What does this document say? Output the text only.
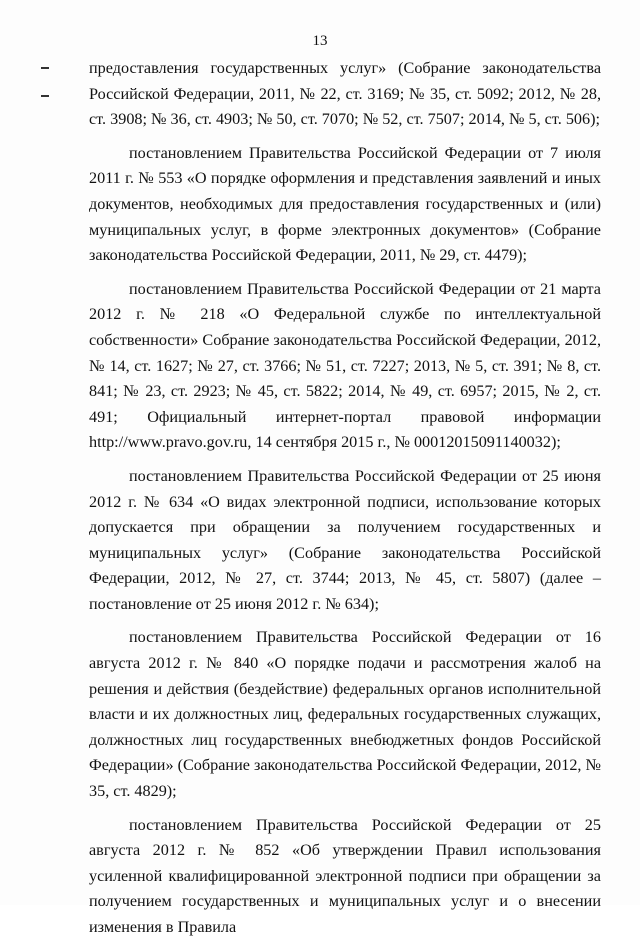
13

предоставления государственных услуг» (Собрание законодательства Российской Федерации, 2011, № 22, ст. 3169; № 35, ст. 5092; 2012, № 28, ст. 3908; № 36, ст. 4903; № 50, ст. 7070; № 52, ст. 7507; 2014, № 5, ст. 506);

постановлением Правительства Российской Федерации от 7 июля 2011 г. № 553 «О порядке оформления и представления заявлений и иных документов, необходимых для предоставления государственных и (или) муниципальных услуг, в форме электронных документов» (Собрание законодательства Российской Федерации, 2011, № 29, ст. 4479);

постановлением Правительства Российской Федерации от 21 марта 2012 г. № 218 «О Федеральной службе по интеллектуальной собственности» Собрание законодательства Российской Федерации, 2012, № 14, ст. 1627; № 27, ст. 3766; № 51, ст. 7227; 2013, № 5, ст. 391; № 8, ст. 841; № 23, ст. 2923; № 45, ст. 5822; 2014, № 49, ст. 6957; 2015, № 2, ст. 491; Официальный интернет-портал правовой информации http://www.pravo.gov.ru, 14 сентября 2015 г., № 0001201509114003​2);

постановлением Правительства Российской Федерации от 25 июня 2012 г. № 634 «О видах электронной подписи, использование которых допускается при обращении за получением государственных и муниципальных услуг» (Собрание законодательства Российской Федерации, 2012, № 27, ст. 3744; 2013, № 45, ст. 5807) (далее – постановление от 25 июня 2012 г. № 634);

постановлением Правительства Российской Федерации от 16 августа 2012 г. № 840 «О порядке подачи и рассмотрения жалоб на решения и действия (бездействие) федеральных органов исполнительной власти и их должностных лиц, федеральных государственных служащих, должностных лиц государственных внебюджетных фондов Российской Федерации» (Собрание законодательства Российской Федерации, 2012, № 35, ст. 4829);

постановлением Правительства Российской Федерации от 25 августа 2012 г. № 852 «Об утверждении Правил использования усиленной квалифицированной электронной подписи при обращении за получением государственных и муниципальных услуг и о внесении изменения в Правила
